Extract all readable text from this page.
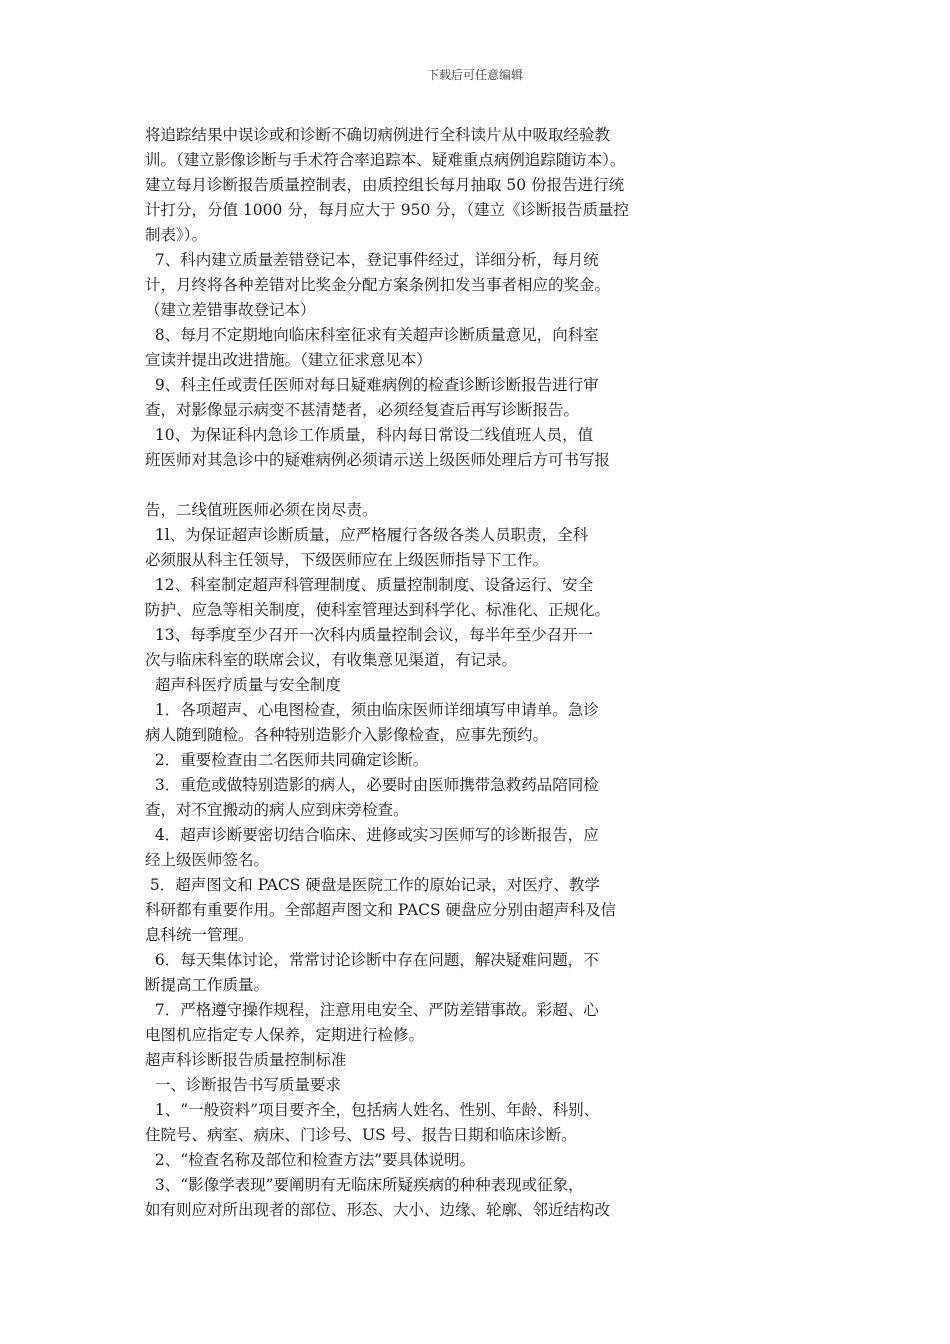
下载后可任意编辑
将追踪结果中误诊或和诊断不确切病例进行全科读片从中吸取经验教
训。（建立影像诊断与手术符合率追踪本、疑难重点病例追踪随访本）。
建立每月诊断报告质量控制表，由质控组长每月抽取 50 份报告进行统
计打分，分值 1000 分，每月应大于 950 分，（建立《诊断报告质量控
制表》）。
7、科内建立质量差错登记本，登记事件经过，详细分析，每月统
计，月终将各种差错对比奖金分配方案条例扣发当事者相应的奖金。
（建立差错事故登记本）
8、每月不定期地向临床科室征求有关超声诊断质量意见，向科室
宣读并提出改进措施。（建立征求意见本）
9、科主任或责任医师对每日疑难病例的检查诊断诊断报告进行审
查，对影像显示病变不甚清楚者，必须经复查后再写诊断报告。
10、为保证科内急诊工作质量，科内每日常设二线值班人员，值
班医师对其急诊中的疑难病例必须请示送上级医师处理后方可书写报
告，二线值班医师必须在岗尽责。
1l、为保证超声诊断质量，应严格履行各级各类人员职责，全科
必须服从科主任领导，下级医师应在上级医师指导下工作。
12、科室制定超声科管理制度、质量控制制度、设备运行、安全
防护、应急等相关制度，使科室管理达到科学化、标准化、正规化。
13、每季度至少召开一次科内质量控制会议，每半年至少召开一
次与临床科室的联席会议，有收集意见渠道，有记录。
超声科医疗质量与安全制度
1．各项超声、心电图检查，须由临床医师详细填写申请单。急诊
病人随到随检。各种特别造影介入影像检查，应事先预约。
2．重要检查由二名医师共同确定诊断。
3．重危或做特别造影的病人，必要时由医师携带急救药品陪同检
查，对不宜搬动的病人应到床旁检查。
4．超声诊断要密切结合临床、进修或实习医师写的诊断报告，应
经上级医师签名。
5．超声图文和 PACS 硬盘是医院工作的原始记录，对医疗、教学
科研都有重要作用。全部超声图文和 PACS 硬盘应分别由超声科及信
息科统一管理。
6．每天集体讨论，常常讨论诊断中存在问题，解决疑难问题，不
断提高工作质量。
7．严格遵守操作规程，注意用电安全、严防差错事故。彩超、心
电图机应指定专人保养，定期进行检修。
超声科诊断报告质量控制标准
一、诊断报告书写质量要求
1、“一般资料”项目要齐全，包括病人姓名、性别、年龄、科别、
住院号、病室、病床、门诊号、US 号、报告日期和临床诊断。
2、“检查名称及部位和检查方法”要具体说明。
3、“影像学表现”要阐明有无临床所疑疾病的种种表现或征象，
如有则应对所出现者的部位、形态、大小、边缘、轮廓、邻近结构改
